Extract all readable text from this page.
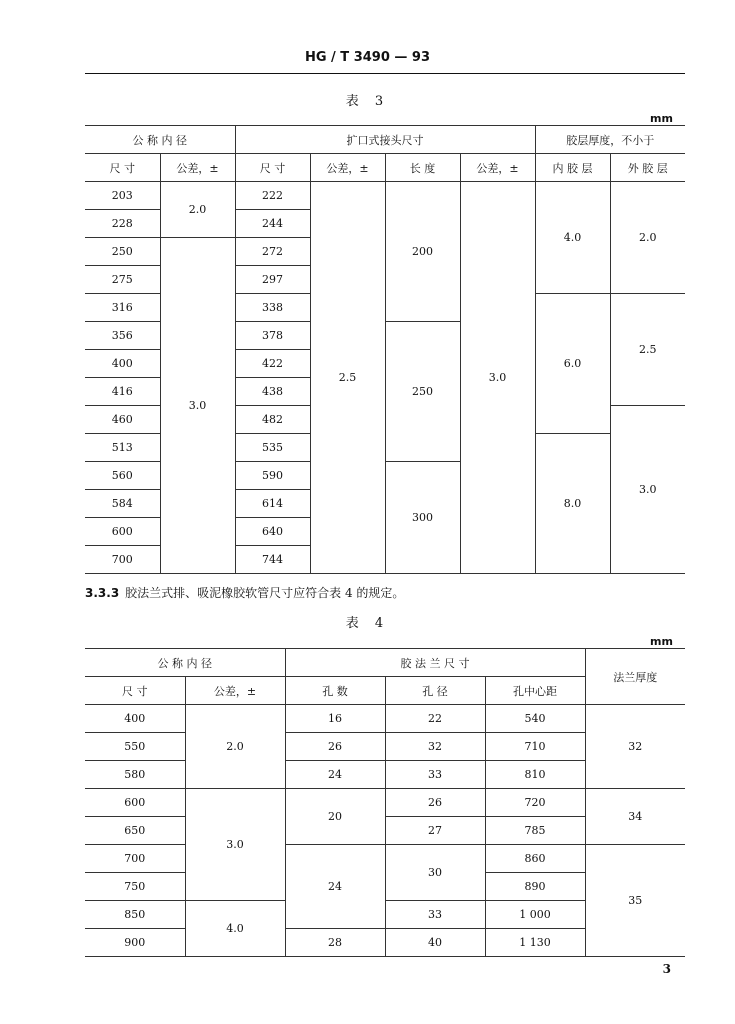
HG / T 3490 — 93
表 3
mm
公 称 内 径		扩口式接头尺寸				胶层厚度，不小于	
尺 寸	公差，±	尺 寸	公差，±	长 度	公差，±	内 胶 层	外 胶 层
203	2.0	222	2.5	200	3.0	4.0	2.0
228		244					
250	3.0	272					
275		297					
316		338				6.0	2.5
356		378		250			
400		422					
416		438					
460		482					3.0
513		535				8.0	
560		590		300			
584		614					
600		640					
700		744					
3.3.3 胶法兰式排、吸泥橡胶软管尺寸应符合表 4 的规定。
表 4
mm
公 称 内 径		胶 法 兰 尺 寸			法兰厚度
尺 寸	公差，±	孔 数	孔 径	孔中心距	
400	2.0	16	22	540	32
550		26	32	710	
580		24	33	810	
600	3.0	20	26	720	34
650			27	785	
700		24	30	860	35
750				890	
850	4.0		33	1 000	
900		28	40	1 130	
3
